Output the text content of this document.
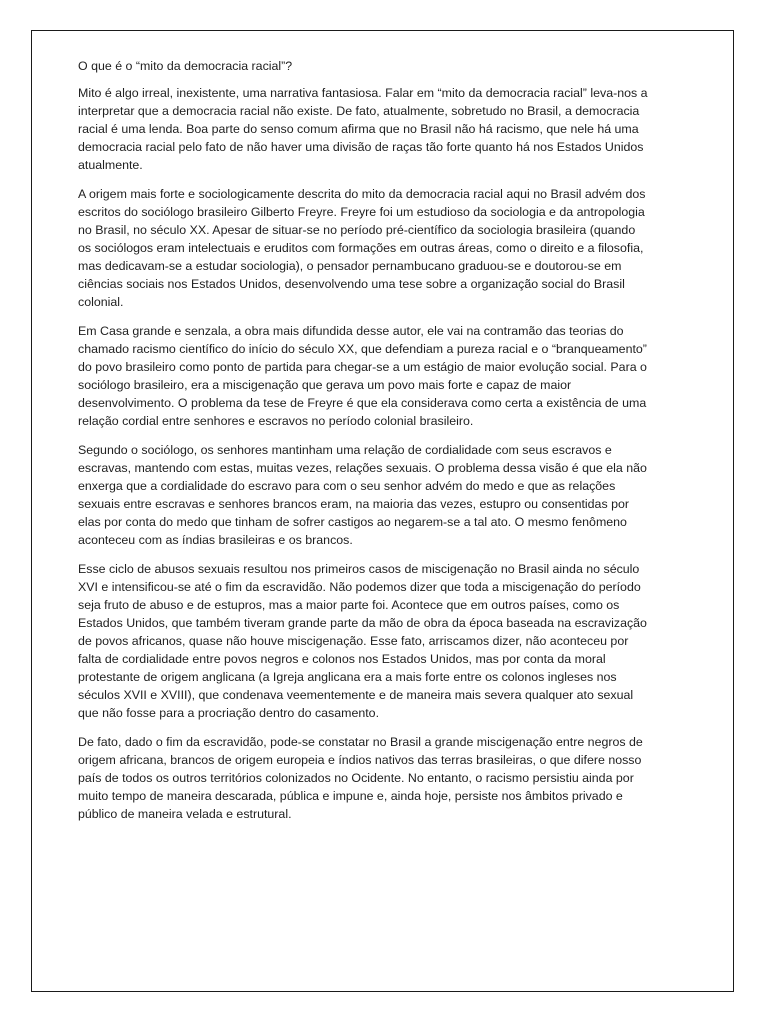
O que é o “mito da democracia racial”?

Mito é algo irreal, inexistente, uma narrativa fantasiosa. Falar em “mito da democracia racial” leva-nos a interpretar que a democracia racial não existe. De fato, atualmente, sobretudo no Brasil, a democracia racial é uma lenda. Boa parte do senso comum afirma que no Brasil não há racismo, que nele há uma democracia racial pelo fato de não haver uma divisão de raças tão forte quanto há nos Estados Unidos atualmente.

A origem mais forte e sociologicamente descrita do mito da democracia racial aqui no Brasil advém dos escritos do sociólogo brasileiro Gilberto Freyre. Freyre foi um estudioso da sociologia e da antropologia no Brasil, no século XX. Apesar de situar-se no período pré-científico da sociologia brasileira (quando os sociólogos eram intelectuais e eruditos com formações em outras áreas, como o direito e a filosofia, mas dedicavam-se a estudar sociologia), o pensador pernambucano graduou-se e doutorou-se em ciências sociais nos Estados Unidos, desenvolvendo uma tese sobre a organização social do Brasil colonial.

Em Casa grande e senzala, a obra mais difundida desse autor, ele vai na contramão das teorias do chamado racismo científico do início do século XX, que defendiam a pureza racial e o “branqueamento” do povo brasileiro como ponto de partida para chegar-se a um estágio de maior evolução social. Para o sociólogo brasileiro, era a miscigenação que gerava um povo mais forte e capaz de maior desenvolvimento. O problema da tese de Freyre é que ela considerava como certa a existência de uma relação cordial entre senhores e escravos no período colonial brasileiro.

Segundo o sociólogo, os senhores mantinham uma relação de cordialidade com seus escravos e escravas, mantendo com estas, muitas vezes, relações sexuais. O problema dessa visão é que ela não enxerga que a cordialidade do escravo para com o seu senhor advém do medo e que as relações sexuais entre escravas e senhores brancos eram, na maioria das vezes, estupro ou consentidas por elas por conta do medo que tinham de sofrer castigos ao negarem-se a tal ato. O mesmo fenômeno aconteceu com as índias brasileiras e os brancos.

Esse ciclo de abusos sexuais resultou nos primeiros casos de miscigenação no Brasil ainda no século XVI e intensificou-se até o fim da escravidão. Não podemos dizer que toda a miscigenação do período seja fruto de abuso e de estupros, mas a maior parte foi. Acontece que em outros países, como os Estados Unidos, que também tiveram grande parte da mão de obra da época baseada na escravização de povos africanos, quase não houve miscigenação. Esse fato, arriscamos dizer, não aconteceu por falta de cordialidade entre povos negros e colonos nos Estados Unidos, mas por conta da moral protestante de origem anglicana (a Igreja anglicana era a mais forte entre os colonos ingleses nos séculos XVII e XVIII), que condenava veementemente e de maneira mais severa qualquer ato sexual que não fosse para a procriação dentro do casamento.

De fato, dado o fim da escravidão, pode-se constatar no Brasil a grande miscigenação entre negros de origem africana, brancos de origem europeia e índios nativos das terras brasileiras, o que difere nosso país de todos os outros territórios colonizados no Ocidente. No entanto, o racismo persistiu ainda por muito tempo de maneira descarada, pública e impune e, ainda hoje, persiste nos âmbitos privado e público de maneira velada e estrutural.
